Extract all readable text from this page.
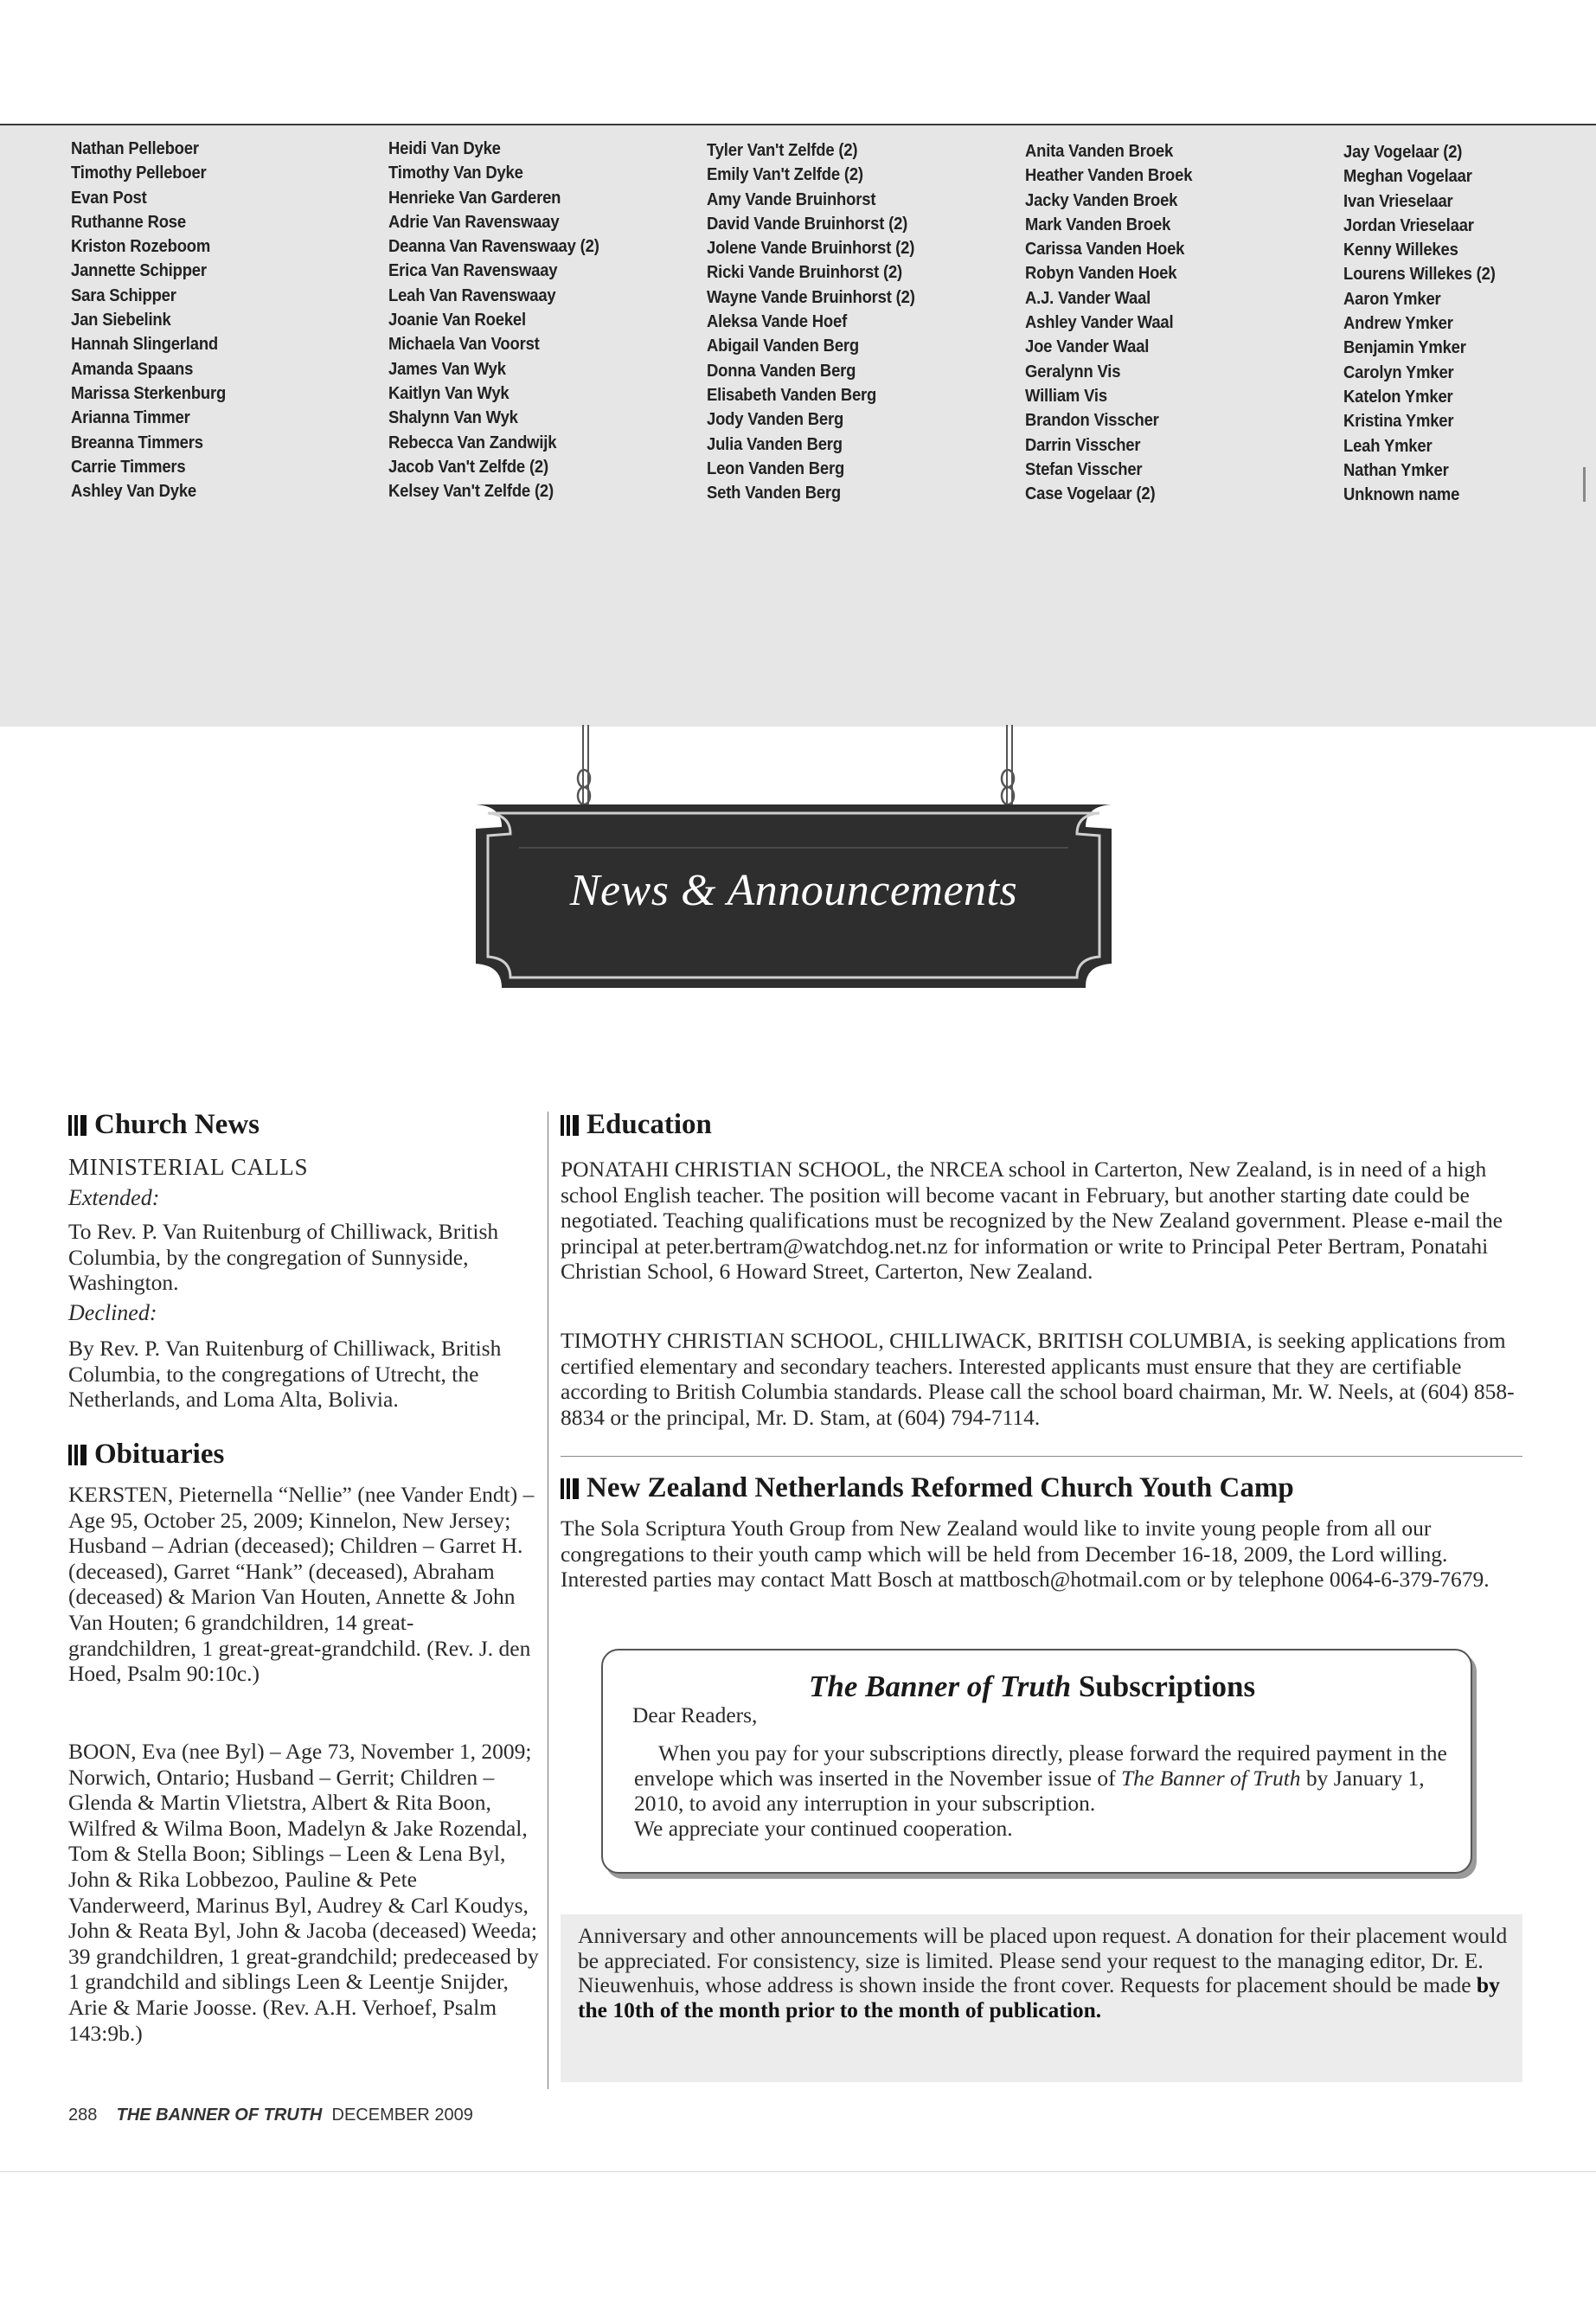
Nathan Pelleboer
Timothy Pelleboer
Evan Post
Ruthanne Rose
Kriston Rozeboom
Jannette Schipper
Sara Schipper
Jan Siebelink
Hannah Slingerland
Amanda Spaans
Marissa Sterkenburg
Arianna Timmer
Breanna Timmers
Carrie Timmers
Ashley Van Dyke
Heidi Van Dyke
Timothy Van Dyke
Henrieke Van Garderen
Adrie Van Ravenswaay
Deanna Van Ravenswaay (2)
Erica Van Ravenswaay
Leah Van Ravenswaay
Joanie Van Roekel
Michaela Van Voorst
James Van Wyk
Kaitlyn Van Wyk
Shalynn Van Wyk
Rebecca Van Zandwijk
Jacob Van't Zelfde (2)
Kelsey Van't Zelfde (2)
Tyler Van't Zelfde (2)
Emily Van't Zelfde (2)
Amy Vande Bruinhorst
David Vande Bruinhorst (2)
Jolene Vande Bruinhorst (2)
Ricki Vande Bruinhorst (2)
Wayne Vande Bruinhorst (2)
Aleksa Vande Hoef
Abigail Vanden Berg
Donna Vanden Berg
Elisabeth Vanden Berg
Jody Vanden Berg
Julia Vanden Berg
Leon Vanden Berg
Seth Vanden Berg
Anita Vanden Broek
Heather Vanden Broek
Jacky Vanden Broek
Mark Vanden Broek
Carissa Vanden Hoek
Robyn Vanden Hoek
A.J. Vander Waal
Ashley Vander Waal
Joe Vander Waal
Geralynn Vis
William Vis
Brandon Visscher
Darrin Visscher
Stefan Visscher
Case Vogelaar (2)
Jay Vogelaar (2)
Meghan Vogelaar
Ivan Vrieselaar
Jordan Vrieselaar
Kenny Willekes
Lourens Willekes (2)
Aaron Ymker
Andrew Ymker
Benjamin Ymker
Carolyn Ymker
Katelon Ymker
Kristina Ymker
Leah Ymker
Nathan Ymker
Unknown name
News & Announcements
Church News
MINISTERIAL CALLS
Extended:

To Rev. P. Van Ruitenburg of Chilliwack, British Columbia, by the congregation of Sunnyside, Washington.

Declined:

By Rev. P. Van Ruitenburg of Chilliwack, British Columbia, to the congregations of Utrecht, the Netherlands, and Loma Alta, Bolivia.

Obituaries

KERSTEN, Pieternella “Nellie” (nee Vander Endt) – Age 95, October 25, 2009; Kinnelon, New Jersey; Husband – Adrian (deceased); Children – Garret H. (deceased), Garret “Hank” (deceased), Abraham (deceased) & Marion Van Houten, Annette & John Van Houten; 6 grandchildren, 14 great-grandchildren, 1 great-great-grandchild. (Rev. J. den Hoed, Psalm 90:10c.)

BOON, Eva (nee Byl) – Age 73, November 1, 2009; Norwich, Ontario; Husband – Gerrit; Children – Glenda & Martin Vlietstra, Albert & Rita Boon, Wilfred & Wilma Boon, Madelyn & Jake Rozendal, Tom & Stella Boon; Siblings – Leen & Lena Byl, John & Rika Lobbezoo, Pauline & Pete Vanderweerd, Marinus Byl, Audrey & Carl Koudys, John & Reata Byl, John & Jacoba (deceased) Weeda; 39 grandchildren, 1 great-grandchild; predeceased by 1 grandchild and siblings Leen & Leentje Snijder, Arie & Marie Joosse. (Rev. A.H. Verhoef, Psalm 143:9b.)

Education

PONATAHI CHRISTIAN SCHOOL, the NRCEA school in Carterton, New Zealand, is in need of a high school English teacher. The position will become vacant in February, but another starting date could be negotiated. Teaching qualifications must be recognized by the New Zealand government. Please e-mail the principal at peter.bertram@watchdog.net.nz for information or write to Principal Peter Bertram, Ponatahi Christian School, 6 Howard Street, Carterton, New Zealand.

TIMOTHY CHRISTIAN SCHOOL, CHILLIWACK, BRITISH COLUMBIA, is seeking applications from certified elementary and secondary teachers. Interested applicants must ensure that they are certifiable according to British Columbia standards. Please call the school board chairman, Mr. W. Neels, at (604) 858-8834 or the principal, Mr. D. Stam, at (604) 794-7114.

New Zealand Netherlands Reformed Church Youth Camp

The Sola Scriptura Youth Group from New Zealand would like to invite young people from all our congregations to their youth camp which will be held from December 16-18, 2009, the Lord willing. Interested parties may contact Matt Bosch at mattbosch@hotmail.com or by telephone 0064-6-379-7679.

The Banner of Truth Subscriptions
Dear Readers,

When you pay for your subscriptions directly, please forward the required payment in the envelope which was inserted in the November issue of The Banner of Truth by January 1, 2010, to avoid any interruption in your subscription.
We appreciate your continued cooperation.

Anniversary and other announcements will be placed upon request. A donation for their placement would be appreciated. For consistency, size is limited. Please send your request to the managing editor, Dr. E. Nieuwenhuis, whose address is shown inside the front cover. Requests for placement should be made by the 10th of the month prior to the month of publication.

288 THE BANNER OF TRUTH DECEMBER 2009
